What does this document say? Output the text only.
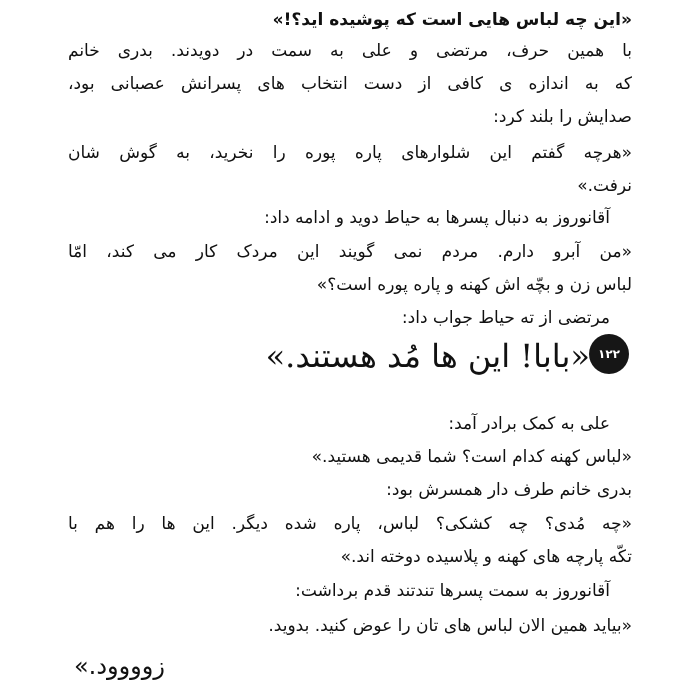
«این چه لباس هایی است که پوشیده اید؟!»
با همین حرف، مرتضی و علی به سمت در دویدند. بدری خانم
که به اندازه ی کافی از دست انتخاب های پسرانش عصبانی بود،
صدایش را بلند کرد:
«هرچه گفتم این شلوارهای پاره پوره را نخرید، به گوش شان
نرفت.»
آقانوروز به دنبال پسرها به حیاط دوید و ادامه داد:
«من آبرو دارم. مردم نمی گویند این مردک کار می کند، امّا
لباس زن و بچّه اش کهنه و پاره پوره است؟»
مرتضی از ته حیاط جواب داد:
۱۲۲
«بابا! این ها مُد هستند.»
علی به کمک برادر آمد:
«لباس کهنه کدام است؟ شما قدیمی هستید.»
بدری خانم طرف دار همسرش بود:
«چه مُدی؟ چه کشکی؟ لباس، پاره شده دیگر. این ها را هم با
تکّه پارچه های کهنه و پلاسیده دوخته اند.»
آقانوروز به سمت پسرها تندتند قدم برداشت:
«بیاید همین الان لباس های تان را عوض کنید. بدوید.
زوووود.»
